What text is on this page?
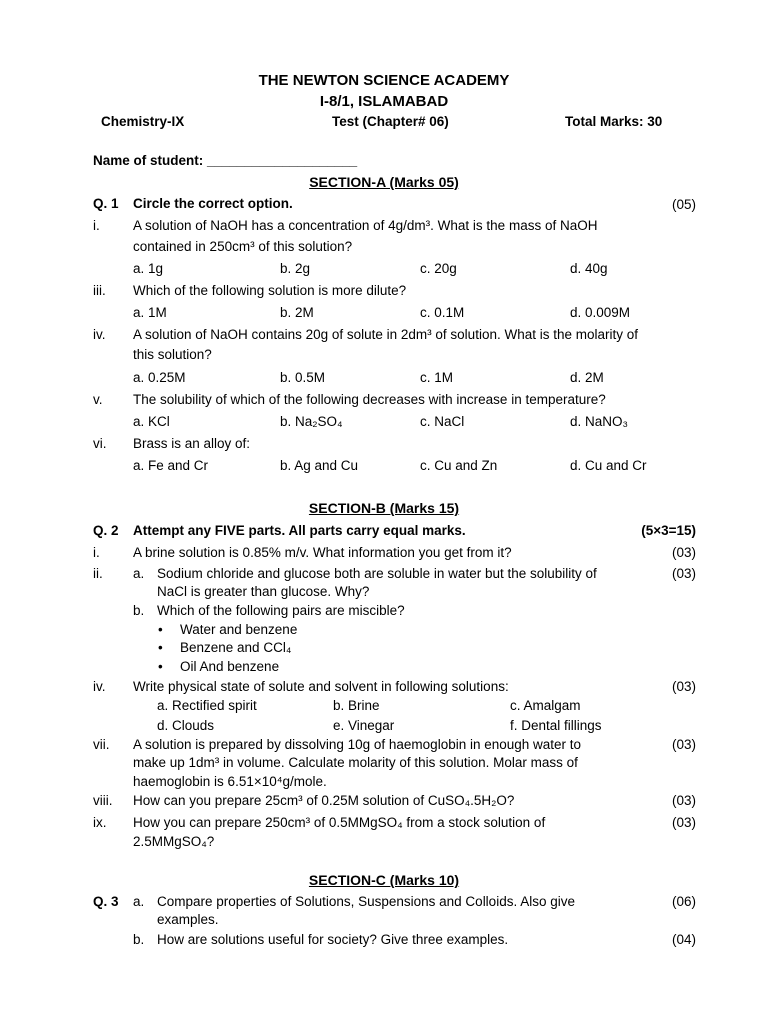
THE NEWTON SCIENCE ACADEMY
I-8/1, ISLAMABAD
Chemistry-IX	Test (Chapter# 06)	Total Marks: 30
Name of student: ____________________
SECTION-A (Marks 05)
Q. 1 Circle the correct option.	(05)
i. A solution of NaOH has a concentration of 4g/dm³. What is the mass of NaOH
contained in 250cm³ of this solution?
a. 1g	b. 2g	c. 20g	d. 40g
iii. Which of the following solution is more dilute?
a. 1M	b. 2M	c. 0.1M	d. 0.009M
iv. A solution of NaOH contains 20g of solute in 2dm³ of solution. What is the molarity of
this solution?
a. 0.25M	b. 0.5M	c. 1M	d. 2M
v. The solubility of which of the following decreases with increase in temperature?
a. KCl	b. Na₂SO₄	c. NaCl	d. NaNO₃
vi. Brass is an alloy of:
a. Fe and Cr	b. Ag and Cu	c. Cu and Zn	d. Cu and Cr
SECTION-B (Marks 15)
Q. 2 Attempt any FIVE parts. All parts carry equal marks.	(5×3=15)
i. A brine solution is 0.85% m/v. What information you get from it?	(03)
ii. a. Sodium chloride and glucose both are soluble in water but the solubility of
NaCl is greater than glucose. Why?
(03)
b. Which of the following pairs are miscible?
• Water and benzene
• Benzene and CCl₄
• Oil And benzene
iv. Write physical state of solute and solvent in following solutions:	(03)
a. Rectified spirit	b. Brine	c. Amalgam
d. Clouds	e. Vinegar	f. Dental fillings
vii. A solution is prepared by dissolving 10g of haemoglobin in enough water to
make up 1dm³ in volume. Calculate molarity of this solution. Molar mass of
haemoglobin is 6.51×10⁴g/mole.
(03)
viii. How can you prepare 25cm³ of 0.25M solution of CuSO₄.5H₂O?	(03)
ix. How you can prepare 250cm³ of 0.5MMgSO₄ from a stock solution of
2.5MMgSO₄?
(03)
SECTION-C (Marks 10)
Q. 3 a. Compare properties of Solutions, Suspensions and Colloids. Also give
examples.
(06)
b. How are solutions useful for society? Give three examples.	(04)
